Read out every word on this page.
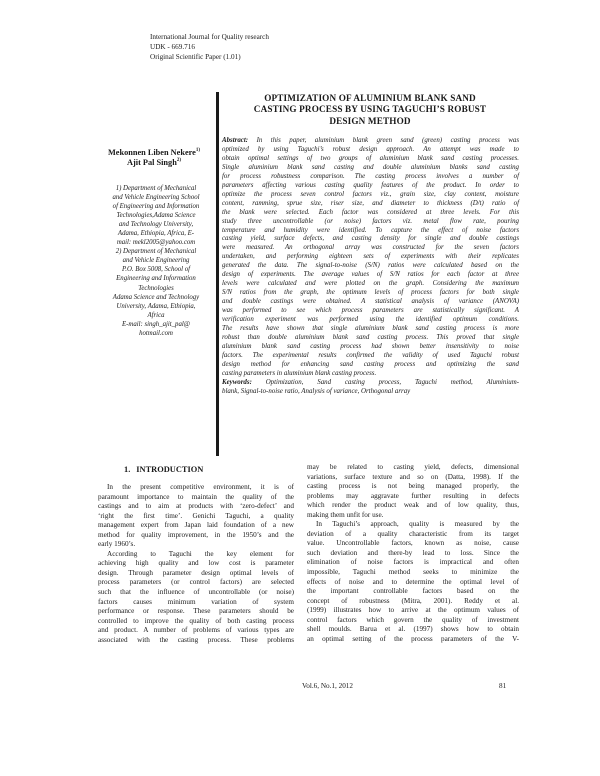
International Journal for Quality research
UDK - 669.716
Original Scientific Paper (1.01)
OPTIMIZATION OF ALUMINIUM BLANK SAND
CASTING PROCESS BY USING TAGUCHI’S ROBUST
DESIGN METHOD
Mekonnen Liben Nekere$^{1)}$
Ajit Pal Singh$^{2)}$
1) Department of Mechanical
and Vehicle Engineering School
of Engineering and Information
Technologies,Adama Science
and Technology University,
Adama, Ethiopia, Africa, E-
mail: mekl2005@yahoo.com
2) Department of Mechanical
and Vehicle Engineering
P.O. Box 5008, School of
Engineering and Information
Technologies
Adama Science and Technology
University, Adama, Ethiopia,
Africa
E-mail: singh_ajit_pal@
hotmail.com
Abstract: In this paper, aluminium blank green sand (green) casting process was
optimized by using Taguchi’s robust design approach. An attempt was made to
obtain optimal settings of two groups of aluminium blank sand casting processes.
Single aluminium blank sand casting and double aluminium blanks sand casting
for process robustness comparison. The casting process involves a number of
parameters affecting various casting quality features of the product. In order to
optimize the process seven control factors viz., grain size, clay content, moisture
content, ramming, sprue size, riser size, and diameter to thickness (D/t) ratio of
the blank were selected. Each factor was considered at three levels. For this
study three uncontrollable (or noise) factors viz. metal flow rate, pouring
temperature and humidity were identified. To capture the effect of noise factors
casting yield, surface defects, and casting density for single and double castings
were measured. An orthogonal array was constructed for the seven factors
undertaken, and performing eighteen sets of experiments with their replicates
generated the data. The signal-to-noise (S/N) ratios were calculated based on the
design of experiments. The average values of S/N ratios for each factor at three
levels were calculated and were plotted on the graph. Considering the maximum
S/N ratios from the graph, the optimum levels of process factors for both single
and double castings were obtained. A statistical analysis of variance (ANOVA)
was performed to see which process parameters are statistically significant. A
verification experiment was performed using the identified optimum conditions.
The results have shown that single aluminium blank sand casting process is more
robust than double aluminium blank sand casting process. This proved that single
aluminium blank sand casting process had shown better insensitivity to noise
factors. The experimental results confirmed the validity of used Taguchi robust
design method for enhancing sand casting process and optimizing the sand
casting parameters in aluminium blank casting process.
Keywords: Optimization, Sand casting process, Taguchi method, Aluminium-
blank, Signal-to-noise ratio, Analysis of variance, Orthogonal array
1. INTRODUCTION
In the present competitive environment, it is of
paramount importance to maintain the quality of the
castings and to aim at products with ‘zero-defect’ and
‘right the first time’. Genichi Taguchi, a quality
management expert from Japan laid foundation of a new
method for quality improvement, in the 1950’s and the
early 1960’s.
According to Taguchi the key element for
achieving high quality and low cost is parameter
design. Through parameter design optimal levels of
process parameters (or control factors) are selected
such that the influence of uncontrollable (or noise)
factors causes minimum variation of system
performance or response. These parameters should be
controlled to improve the quality of both casting process
and product. A number of problems of various types are
associated with the casting process. These problems
may be related to casting yield, defects, dimensional
variations, surface texture and so on (Datta, 1998). If the
casting process is not being managed properly, the
problems may aggravate further resulting in defects
which render the product weak and of low quality, thus,
making them unfit for use.
In Taguchi’s approach, quality is measured by the
deviation of a quality characteristic from its target
value. Uncontrollable factors, known as noise, cause
such deviation and there-by lead to loss. Since the
elimination of noise factors is impractical and often
impossible, Taguchi method seeks to minimize the
effects of noise and to determine the optimal level of
the important controllable factors based on the
concept of robustness (Mitra, 2001). Reddy et al.
(1999) illustrates how to arrive at the optimum values of
control factors which govern the quality of investment
shell moulds. Barua et al. (1997) shows how to obtain
an optimal setting of the process parameters of the V-
Vol.6, No.1, 2012	81
